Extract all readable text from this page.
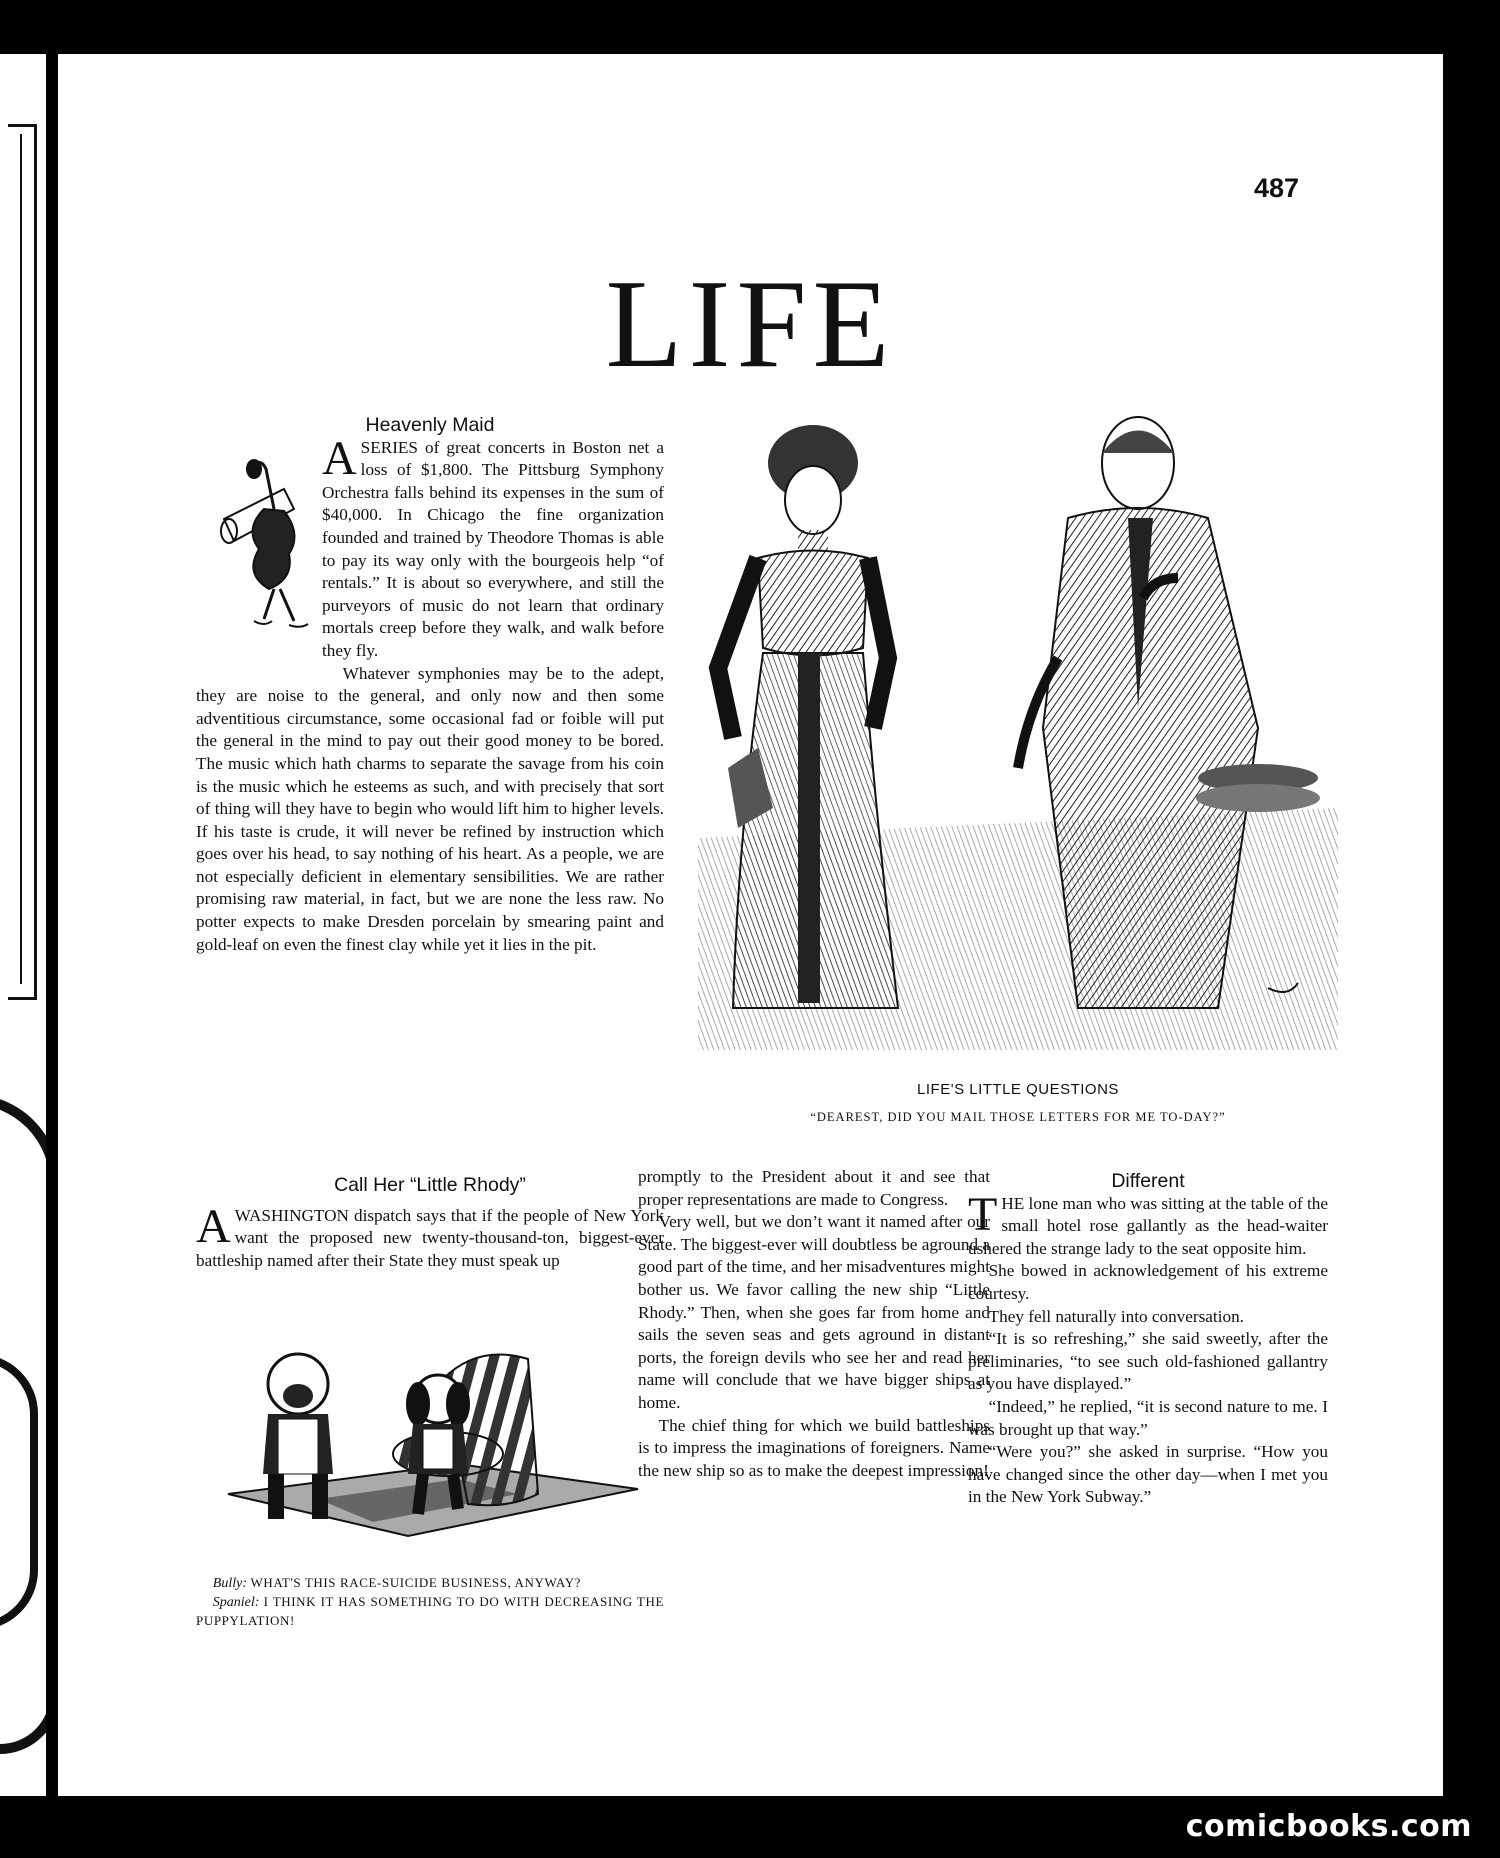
487
LIFE
Heavenly Maid

ASERIES of great concerts in Boston net a loss of $1,800. The Pittsburg Symphony Orchestra falls behind its expenses in the sum of $40,000. In Chicago the fine organization founded and trained by Theodore Thomas is able to pay its way only with the bourgeois help “of rentals.” It is about so everywhere, and still the purveyors of music do not learn that ordinary mortals creep before they walk, and walk before they fly.

Whatever symphonies may be to the adept, they are noise to the general, and only now and then some adventitious circumstance, some occasional fad or foible will put the general in the mind to pay out their good money to be bored. The music which hath charms to separate the savage from his coin is the music which he esteems as such, and with precisely that sort of thing will they have to begin who would lift him to higher levels. If his taste is crude, it will never be refined by instruction which goes over his head, to say nothing of his heart. As a people, we are not especially deficient in elementary sensibilities. We are rather promising raw material, in fact, but we are none the less raw. No potter expects to make Dresden porcelain by smearing paint and gold-leaf on even the finest clay while yet it lies in the pit.

LIFE'S LITTLE QUESTIONS
“DEAREST, DID YOU MAIL THOSE LETTERS FOR ME TO-DAY?”
Call Her “Little Rhody”

AWASHINGTON dispatch says that if the people of New York want the proposed new twenty-thousand-ton, biggest-ever battleship named after their State they must speak up

Bully: WHAT'S THIS RACE-SUICIDE BUSINESS, ANYWAY?

Spaniel: I THINK IT HAS SOMETHING TO DO WITH DECREASING THE PUPPYLATION!

promptly to the President about it and see that proper representations are made to Congress.

Very well, but we don’t want it named after our State. The biggest-ever will doubtless be aground a good part of the time, and her misadventures might bother us. We favor calling the new ship “Little Rhody.” Then, when she goes far from home and sails the seven seas and gets aground in distant ports, the foreign devils who see her and read her name will conclude that we have bigger ships at home.

The chief thing for which we build battleships is to impress the imaginations of foreigners. Name the new ship so as to make the deepest impression!

Different

THE lone man who was sitting at the table of the small hotel rose gallantly as the head-waiter ushered the strange lady to the seat opposite him.

She bowed in acknowledgement of his extreme courtesy.

They fell naturally into conversation.

“It is so refreshing,” she said sweetly, after the preliminaries, “to see such old-fashioned gallantry as you have displayed.”

“Indeed,” he replied, “it is second nature to me. I was brought up that way.”

“Were you?” she asked in surprise. “How you have changed since the other day—when I met you in the New York Subway.”

comicbooks.com
